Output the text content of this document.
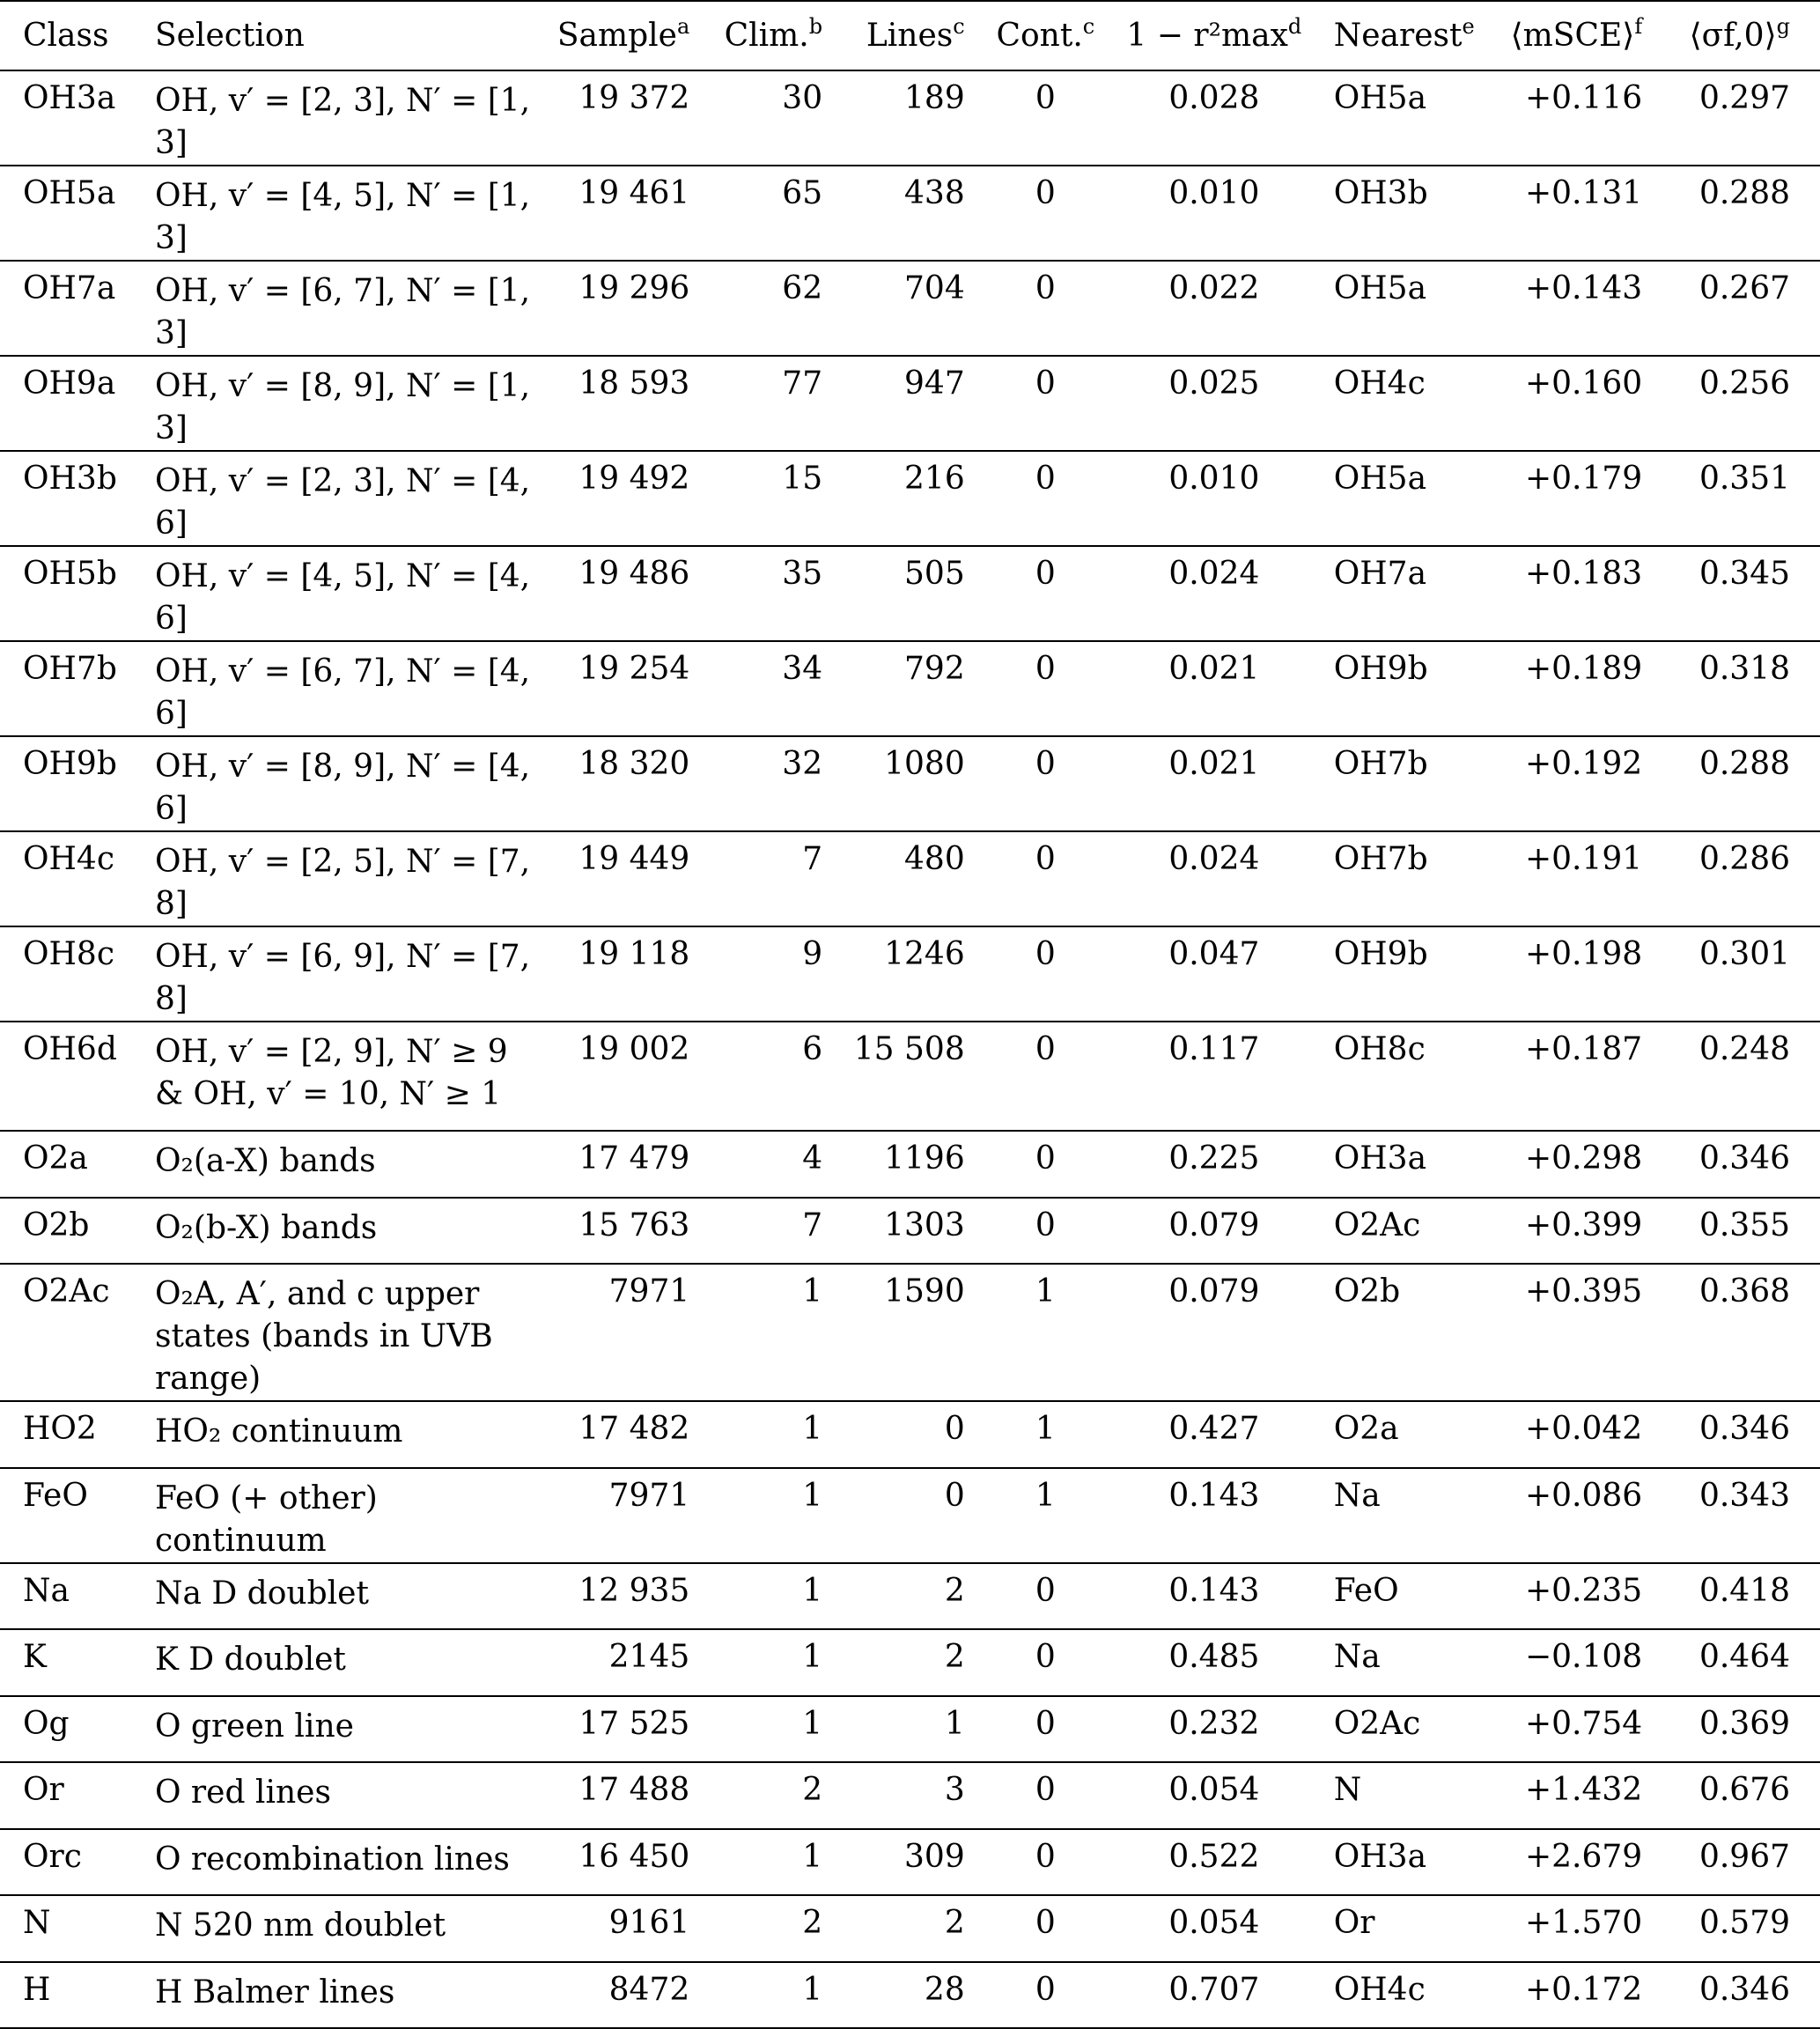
Class	Selection	Sample$^a$	Clim.$^b$	Lines$^c$	Cont.$^c$	1 − r²max$^d$	Nearest$^e$	⟨mSCE⟩$^f$	⟨σf,0⟩$^g$
OH3a	OH, v′ = [2, 3], N′ = [1, 3]	19 372	30	189	0	0.028	OH5a	+0.116	0.297
OH5a	OH, v′ = [4, 5], N′ = [1, 3]	19 461	65	438	0	0.010	OH3b	+0.131	0.288
OH7a	OH, v′ = [6, 7], N′ = [1, 3]	19 296	62	704	0	0.022	OH5a	+0.143	0.267
OH9a	OH, v′ = [8, 9], N′ = [1, 3]	18 593	77	947	0	0.025	OH4c	+0.160	0.256
OH3b	OH, v′ = [2, 3], N′ = [4, 6]	19 492	15	216	0	0.010	OH5a	+0.179	0.351
OH5b	OH, v′ = [4, 5], N′ = [4, 6]	19 486	35	505	0	0.024	OH7a	+0.183	0.345
OH7b	OH, v′ = [6, 7], N′ = [4, 6]	19 254	34	792	0	0.021	OH9b	+0.189	0.318
OH9b	OH, v′ = [8, 9], N′ = [4, 6]	18 320	32	1080	0	0.021	OH7b	+0.192	0.288
OH4c	OH, v′ = [2, 5], N′ = [7, 8]	19 449	7	480	0	0.024	OH7b	+0.191	0.286
OH8c	OH, v′ = [6, 9], N′ = [7, 8]	19 118	9	1246	0	0.047	OH9b	+0.198	0.301
OH6d	OH, v′ = [2, 9], N′ ≥ 9 & OH, v′ = 10, N′ ≥ 1	19 002	6	15 508	0	0.117	OH8c	+0.187	0.248
O2a	O₂(a-X) bands	17 479	4	1196	0	0.225	OH3a	+0.298	0.346
O2b	O₂(b-X) bands	15 763	7	1303	0	0.079	O2Ac	+0.399	0.355
O2Ac	O₂A, A′, and c upper states (bands in UVB range)	7971	1	1590	1	0.079	O2b	+0.395	0.368
HO2	HO₂ continuum	17 482	1	0	1	0.427	O2a	+0.042	0.346
FeO	FeO (+ other) continuum	7971	1	0	1	0.143	Na	+0.086	0.343
Na	Na D doublet	12 935	1	2	0	0.143	FeO	+0.235	0.418
K	K D doublet	2145	1	2	0	0.485	Na	−0.108	0.464
Og	O green line	17 525	1	1	0	0.232	O2Ac	+0.754	0.369
Or	O red lines	17 488	2	3	0	0.054	N	+1.432	0.676
Orc	O recombination lines	16 450	1	309	0	0.522	OH3a	+2.679	0.967
N	N 520 nm doublet	9161	2	2	0	0.054	Or	+1.570	0.579
H	H Balmer lines	8472	1	28	0	0.707	OH4c	+0.172	0.346
